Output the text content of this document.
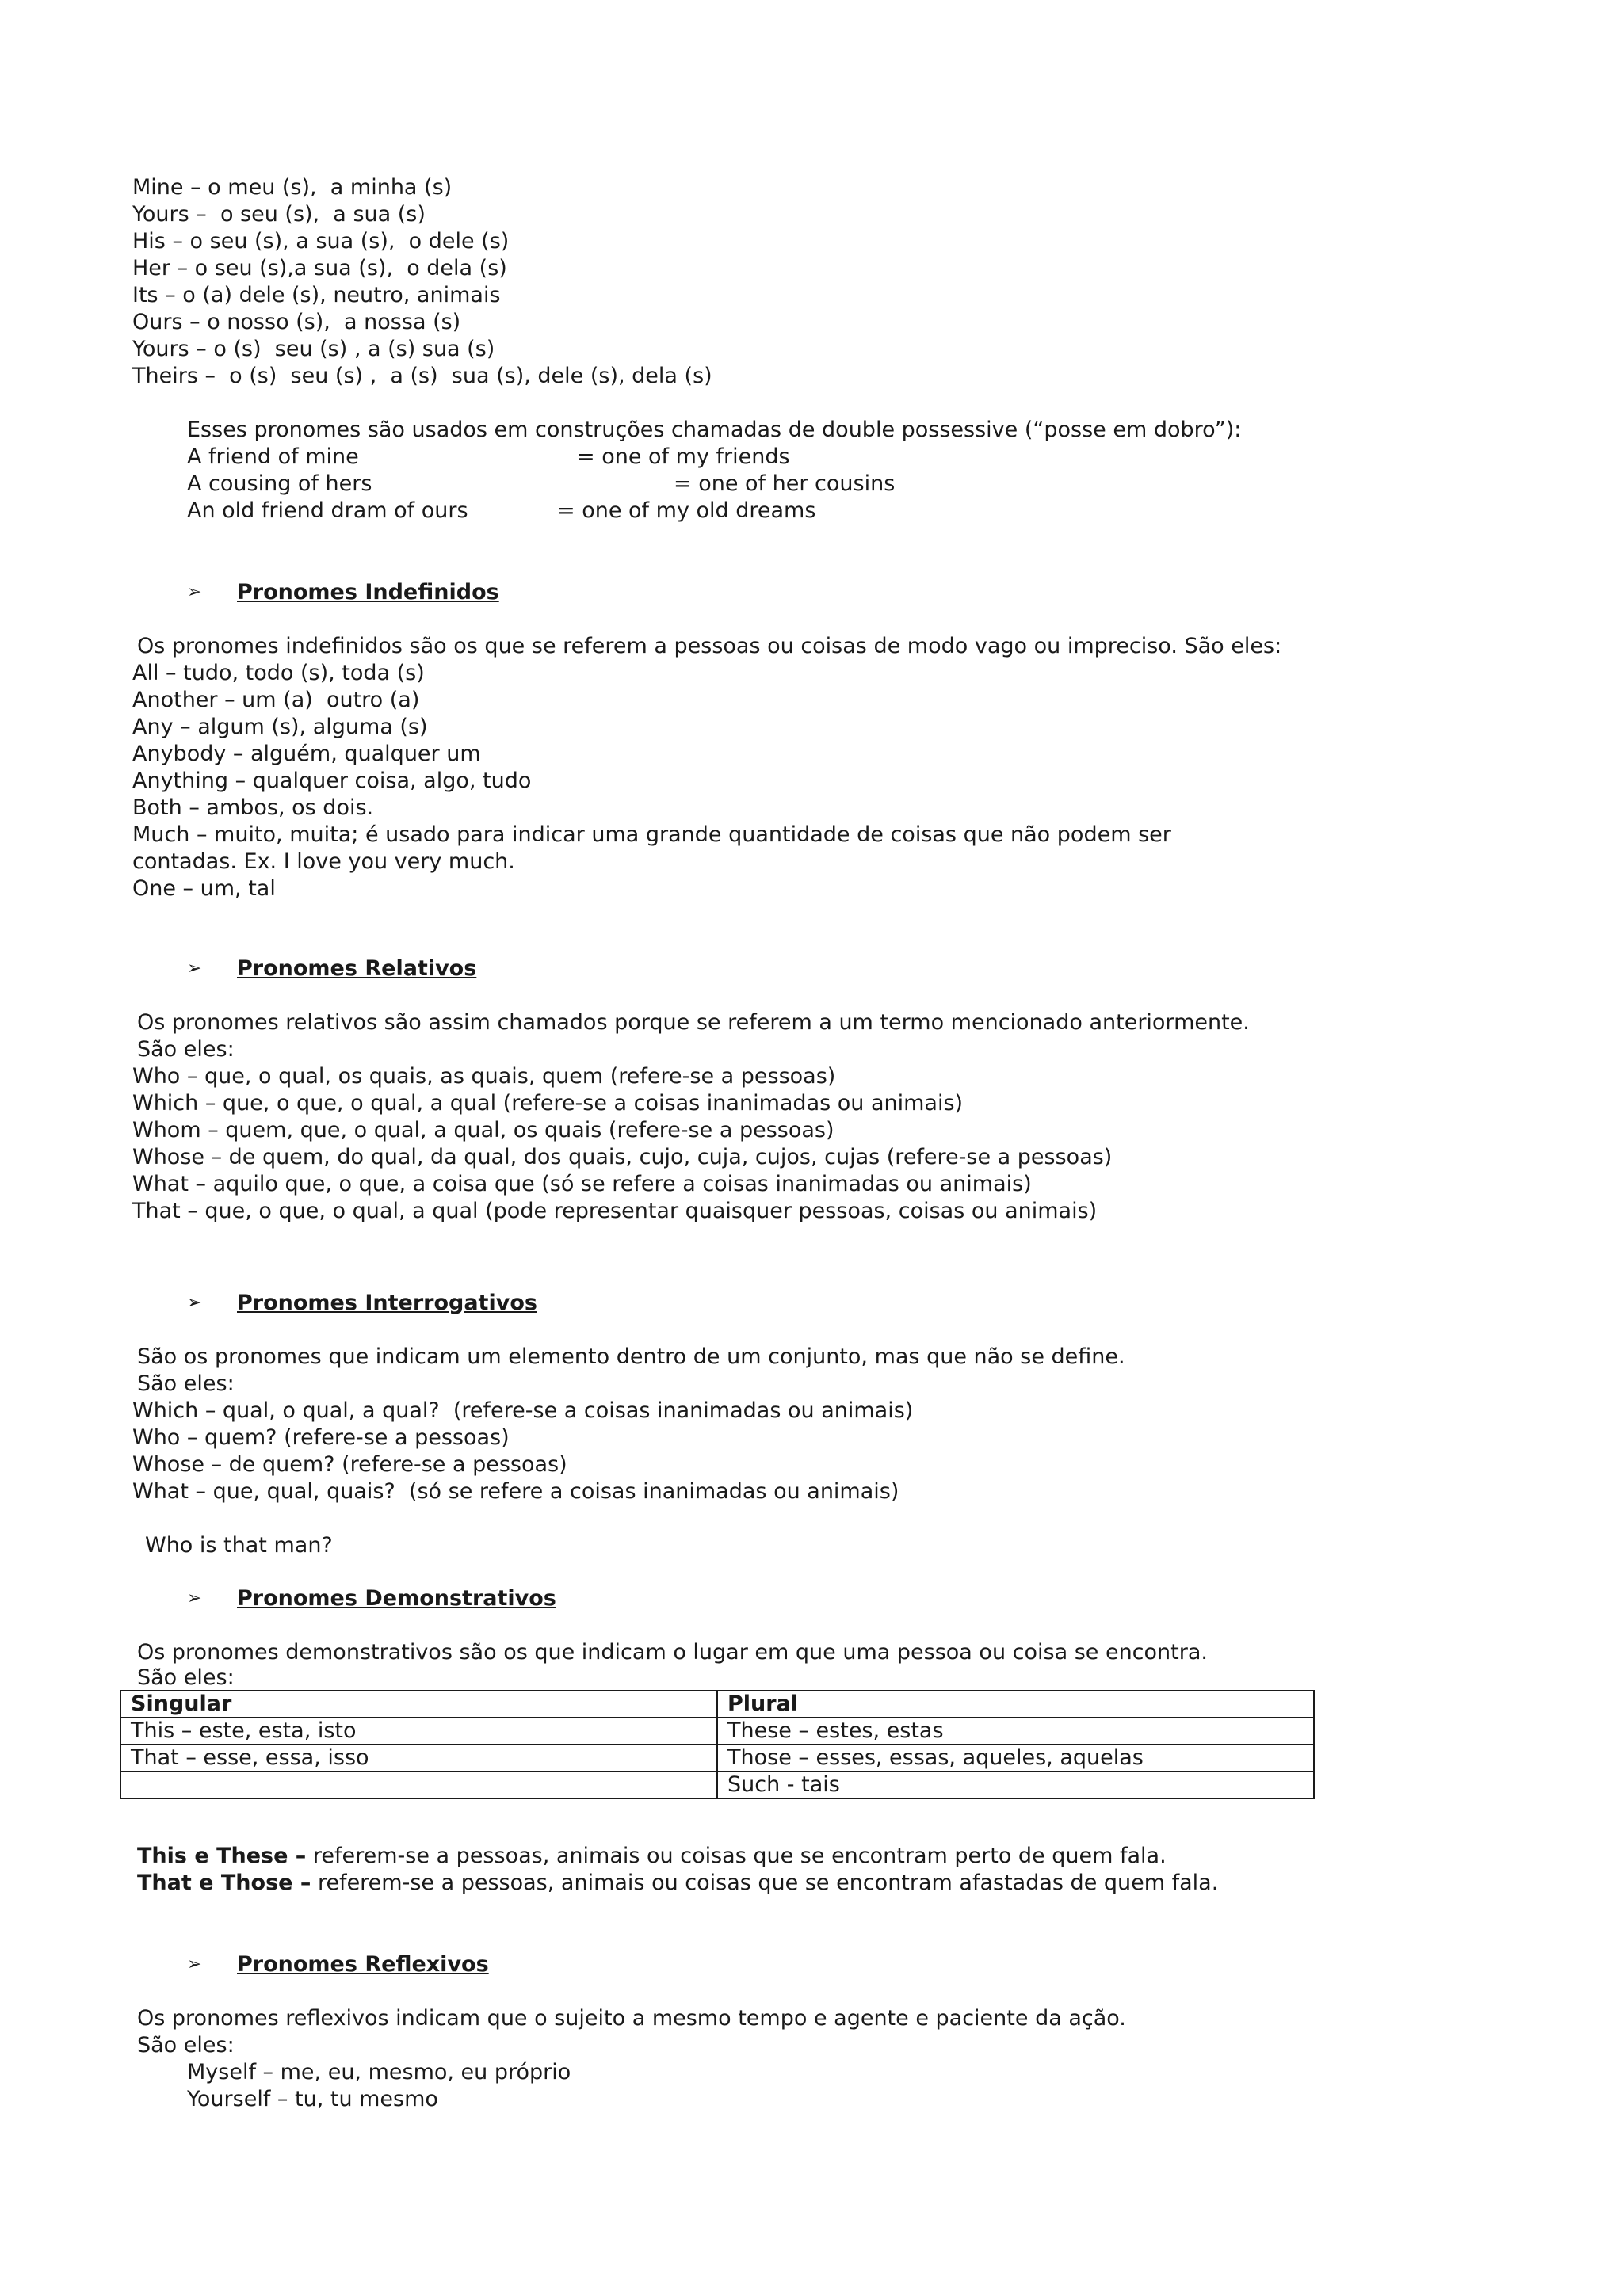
Mine – o meu (s),  a minha (s)
Yours –  o seu (s),  a sua (s)
His – o seu (s), a sua (s),  o dele (s)
Her – o seu (s),a sua (s),  o dela (s)
Its – o (a) dele (s), neutro, animais
Ours – o nosso (s),  a nossa (s)
Yours – o (s)  seu (s) , a (s) sua (s)
Theirs –  o (s)  seu (s) ,  a (s)  sua (s), dele (s), dela (s)
Esses pronomes são usados em construções chamadas de double possessive (“posse em dobro”):
A friend of mine	= one of my friends
A cousing of hers	= one of her cousins
An old friend dram of ours	= one of my old dreams
➢ Pronomes Indefinidos
Os pronomes indefinidos são os que se referem a pessoas ou coisas de modo vago ou impreciso. São eles:
All – tudo, todo (s), toda (s)
Another – um (a)  outro (a)
Any – algum (s), alguma (s)
Anybody – alguém, qualquer um
Anything – qualquer coisa, algo, tudo
Both – ambos, os dois.
Much – muito, muita; é usado para indicar uma grande quantidade de coisas que não podem ser
contadas. Ex. I love you very much.
One – um, tal
➢ Pronomes Relativos
Os pronomes relativos são assim chamados porque se referem a um termo mencionado anteriormente.
São eles:
Who – que, o qual, os quais, as quais, quem (refere-se a pessoas)
Which – que, o que, o qual, a qual (refere-se a coisas inanimadas ou animais)
Whom – quem, que, o qual, a qual, os quais (refere-se a pessoas)
Whose – de quem, do qual, da qual, dos quais, cujo, cuja, cujos, cujas (refere-se a pessoas)
What – aquilo que, o que, a coisa que (só se refere a coisas inanimadas ou animais)
That – que, o que, o qual, a qual (pode representar quaisquer pessoas, coisas ou animais)
➢ Pronomes Interrogativos
São os pronomes que indicam um elemento dentro de um conjunto, mas que não se define.
São eles:
Which – qual, o qual, a qual?  (refere-se a coisas inanimadas ou animais)
Who – quem? (refere-se a pessoas)
Whose – de quem? (refere-se a pessoas)
What – que, qual, quais?  (só se refere a coisas inanimadas ou animais)
Who is that man?
➢ Pronomes Demonstrativos
Os pronomes demonstrativos são os que indicam o lugar em que uma pessoa ou coisa se encontra.
São eles:
Singular	Plural
This – este, esta, isto	These – estes, estas
That – esse, essa, isso	Those – esses, essas, aqueles, aquelas
	Such - tais
This e These – referem-se a pessoas, animais ou coisas que se encontram perto de quem fala.
That e Those – referem-se a pessoas, animais ou coisas que se encontram afastadas de quem fala.
➢ Pronomes Reflexivos
Os pronomes reflexivos indicam que o sujeito a mesmo tempo e agente e paciente da ação.
São eles:
Myself – me, eu, mesmo, eu próprio
Yourself – tu, tu mesmo
